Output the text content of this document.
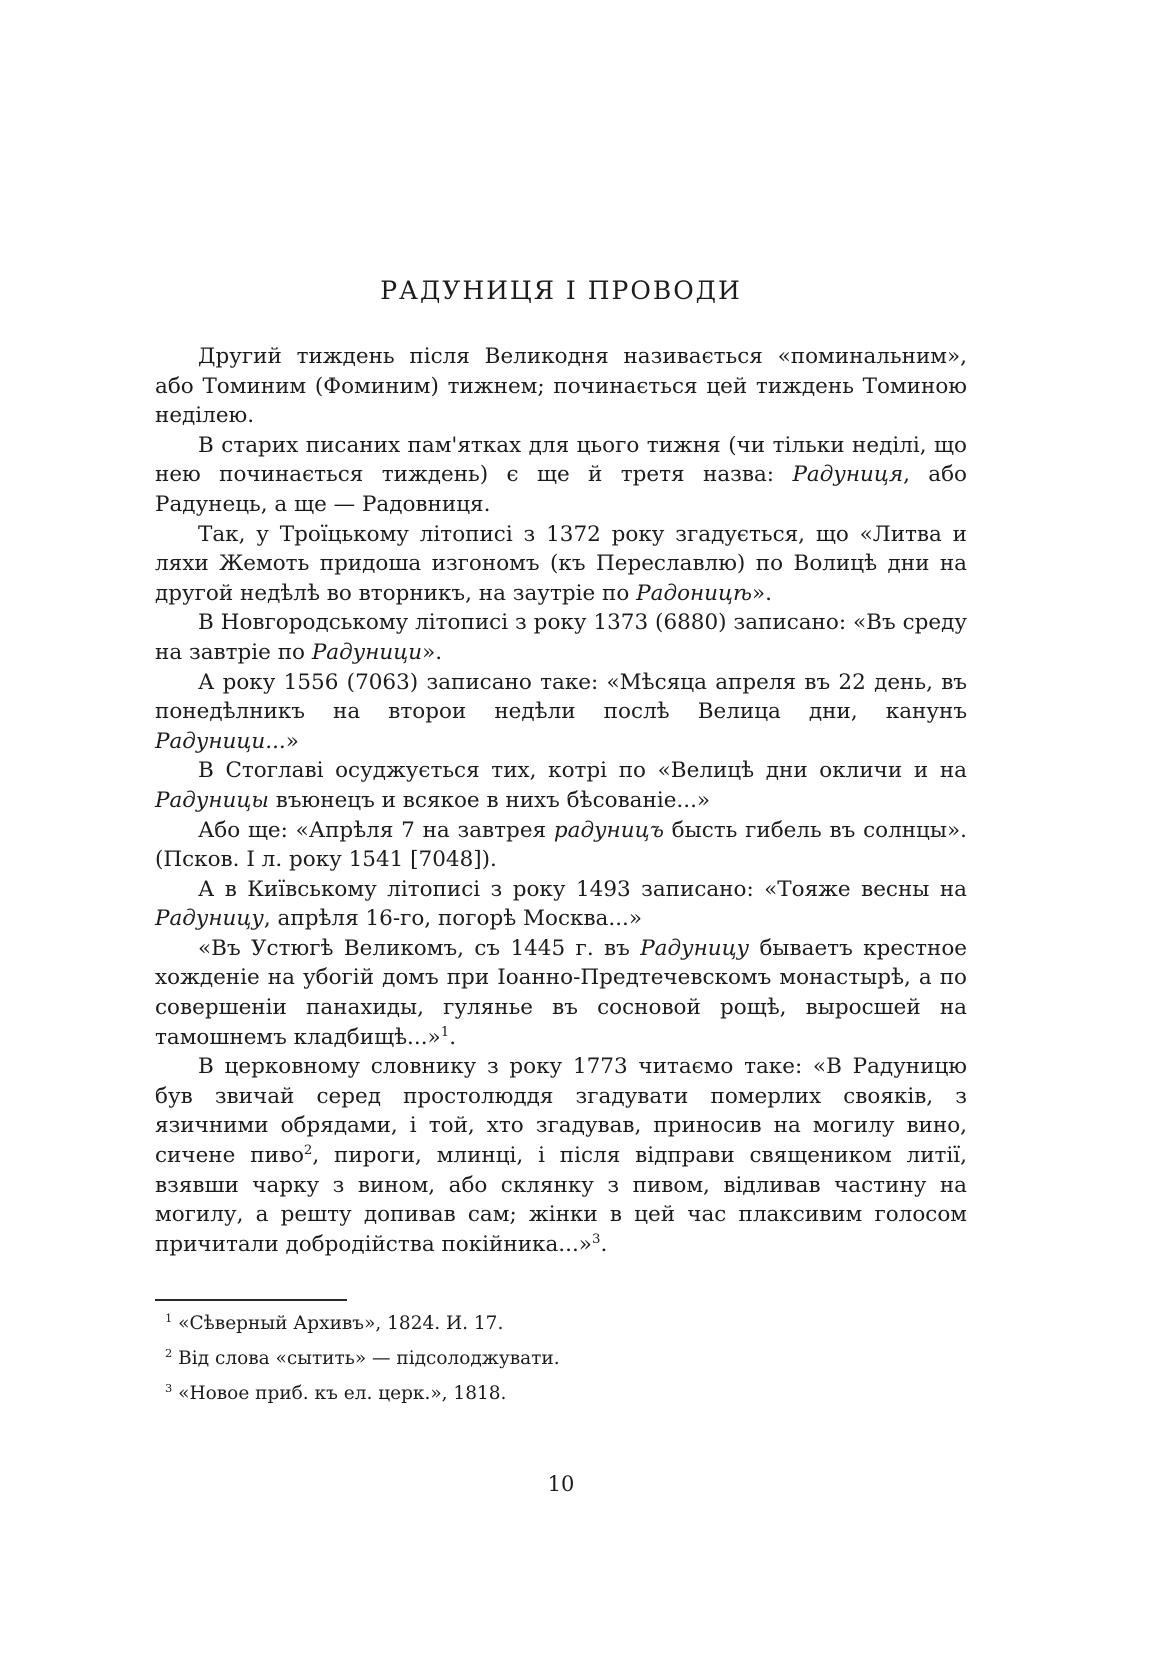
РАДУНИЦЯ І ПРОВОДИ

Другий тиждень після Великодня називається «поминальним», або Томиним (Фоминим) тижнем; починається цей тиждень Томиною неділею.

В старих писаних пам'ятках для цього тижня (чи тільки неділі, що нею починається тиждень) є ще й третя назва: Радуниця, або Радунець, а ще — Радовниця.

Так, у Троїцькому літописі з 1372 року згадується, що «Литва и ляхи Жемоть придоша изгономъ (къ Переславлю) по Волицѣ дни на другой недѣлѣ во вторникъ, на заутріе по Радоницѣ».

В Новгородському літописі з року 1373 (6880) записано: «Въ среду на завтріе по Радуници».

А року 1556 (7063) записано таке: «Мѣсяца апреля въ 22 день, въ понедѣлникъ на второи недѣли послѣ Велица дни, канунъ Радуници...»

В Стоглаві осуджується тих, котрі по «Велицѣ дни окличи и на Радуницы въюнецъ и всякое в нихъ бѣсованіе...»

Або ще: «Апрѣля 7 на завтрея радуницъ бысть гибель въ солнцы». (Псков. І л. року 1541 [7048]).

А в Київському літописі з року 1493 записано: «Тояже весны на Радуницу, апрѣля 16-го, погорѣ Москва...»

«Въ Устюгѣ Великомъ, съ 1445 г. въ Радуницу бываетъ крестное хожденіе на убогій домъ при Іоанно-Предтечевскомъ монастырѣ, а по совершеніи панахиды, гулянье въ сосновой рощѣ, выросшей на тамошнемъ кладбищѣ...»$^1$.

В церковному словнику з року 1773 читаємо таке: «В Радуницю був звичай серед простолюддя згадувати померлих свояків, з язичними обрядами, і той, хто згадував, приносив на могилу вино, сичене пиво$^2$, пироги, млинці, і після відправи священиком литії, взявши чарку з вином, або склянку з пивом, відливав частину на могилу, а решту допивав сам; жінки в цей час плаксивим голосом причитали добродійства покійника...»$^3$.

$^1$ «Сѣверный Архивъ», 1824. И. 17.
$^2$ Від слова «сытить» — підсолоджувати.
$^3$ «Новое приб. къ ел. церк.», 1818.
10
